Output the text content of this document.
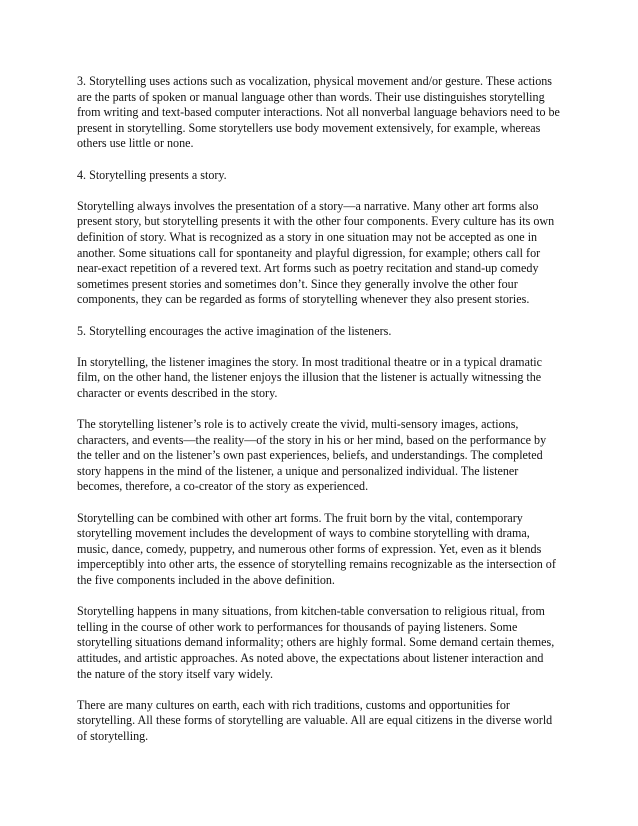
3. Storytelling uses actions such as vocalization, physical movement and/or gesture. These actions are the parts of spoken or manual language other than words. Their use distinguishes storytelling from writing and text-based computer interactions. Not all nonverbal language behaviors need to be present in storytelling. Some storytellers use body movement extensively, for example, whereas others use little or none.

4. Storytelling presents a story.

Storytelling always involves the presentation of a story—a narrative. Many other art forms also present story, but storytelling presents it with the other four components. Every culture has its own definition of story. What is recognized as a story in one situation may not be accepted as one in another. Some situations call for spontaneity and playful digression, for example; others call for near-exact repetition of a revered text. Art forms such as poetry recitation and stand-up comedy sometimes present stories and sometimes don’t. Since they generally involve the other four components, they can be regarded as forms of storytelling whenever they also present stories.

5. Storytelling encourages the active imagination of the listeners.

In storytelling, the listener imagines the story. In most traditional theatre or in a typical dramatic film, on the other hand, the listener enjoys the illusion that the listener is actually witnessing the character or events described in the story.

The storytelling listener’s role is to actively create the vivid, multi-sensory images, actions, characters, and events—the reality—of the story in his or her mind, based on the performance by the teller and on the listener’s own past experiences, beliefs, and understandings. The completed story happens in the mind of the listener, a unique and personalized individual. The listener becomes, therefore, a co-creator of the story as experienced.

Storytelling can be combined with other art forms. The fruit born by the vital, contemporary storytelling movement includes the development of ways to combine storytelling with drama, music, dance, comedy, puppetry, and numerous other forms of expression. Yet, even as it blends imperceptibly into other arts, the essence of storytelling remains recognizable as the intersection of the five components included in the above definition.

Storytelling happens in many situations, from kitchen-table conversation to religious ritual, from telling in the course of other work to performances for thousands of paying listeners. Some storytelling situations demand informality; others are highly formal. Some demand certain themes, attitudes, and artistic approaches. As noted above, the expectations about listener interaction and the nature of the story itself vary widely.

There are many cultures on earth, each with rich traditions, customs and opportunities for storytelling. All these forms of storytelling are valuable. All are equal citizens in the diverse world of storytelling.
